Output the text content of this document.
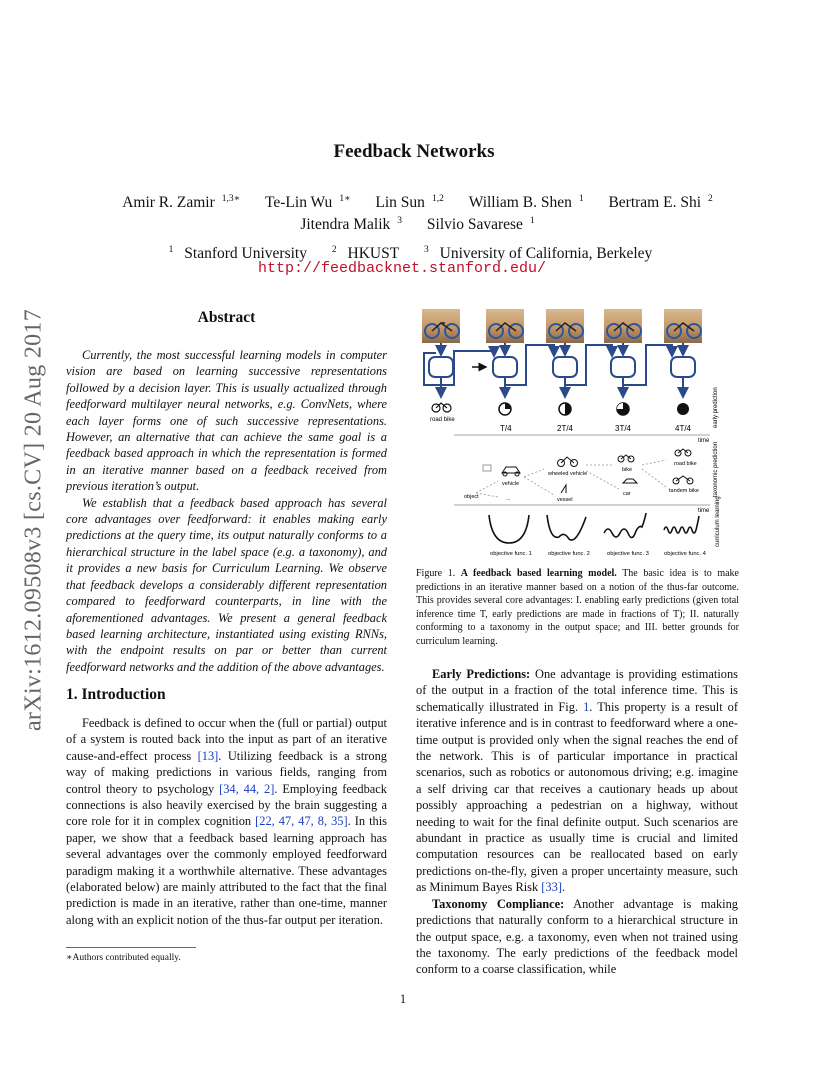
arXiv:1612.09508v3 [cs.CV] 20 Aug 2017
Feedback Networks
Amir R. Zamir $^{1,3∗}$ Te-Lin Wu $^{1∗}$ Lin Sun $^{1,2}$ William B. Shen $^1$ Bertram E. Shi $^2$
Jitendra Malik $^3$ Silvio Savarese $^1$
$^1$ Stanford University	$^2$ HKUST	$^3$ University of California, Berkeley
http://feedbacknet.stanford.edu/
Abstract

Currently, the most successful learning models in computer vision are based on learning successive representations followed by a decision layer. This is usually actualized through feedforward multilayer neural networks, e.g. ConvNets, where each layer forms one of such successive representations. However, an alternative that can achieve the same goal is a feedback based approach in which the representation is formed in an iterative manner based on a feedback received from previous iteration’s output.

We establish that a feedback based approach has several core advantages over feedforward: it enables making early predictions at the query time, its output naturally conforms to a hierarchical structure in the label space (e.g. a taxonomy), and it provides a new basis for Curriculum Learning. We observe that feedback develops a considerably different representation compared to feedforward counterparts, in line with the aforementioned advantages. We present a general feedback based learning architecture, instantiated using existing RNNs, with the endpoint results on par or better than current feedforward networks and the addition of the above advantages.

1. Introduction

Feedback is defined to occur when the (full or partial) output of a system is routed back into the input as part of an iterative cause-and-effect process [13]. Utilizing feedback is a strong way of making predictions in various fields, ranging from control theory to psychology [34, 44, 2]. Employing feedback connections is also heavily exercised by the brain suggesting a core role for it in complex cognition [22, 47, 47, 8, 35]. In this paper, we show that a feedback based learning approach has several advantages over the commonly employed feedforward paradigm making it a worthwhile alternative. These advantages (elaborated below) are mainly attributed to the fact that the final prediction is made in an iterative, rather than one-time, manner along with an explicit notion of the thus-far output per iteration.

∗Authors contributed equally.
road bike
T/4	2T/4	3T/4	4T/4
early prediction
time
object
vehicle
...
wheeled vehicle
vessel
bike
car
road bike
tandem bike taxonomic prediction
time
objective func. 1	objective func. 2	objective func. 3	objective func. 4
curriculum learning
Figure 1. A feedback based learning model. The basic idea is to make predictions in an iterative manner based on a notion of the thus-far outcome. This provides several core advantages: I. enabling early predictions (given total inference time T, early predictions are made in fractions of T); II. naturally conforming to a taxonomy in the output space; and III. better grounds for curriculum learning.

Early Predictions: One advantage is providing estimations of the output in a fraction of the total inference time. This is schematically illustrated in Fig. 1. This property is a result of iterative inference and is in contrast to feedforward where a one-time output is provided only when the signal reaches the end of the network. This is of particular importance in practical scenarios, such as robotics or autonomous driving; e.g. imagine a self driving car that receives a cautionary heads up about possibly approaching a pedestrian on a highway, without needing to wait for the final definite output. Such scenarios are abundant in practice as usually time is crucial and limited computation resources can be reallocated based on early predictions on-the-fly, given a proper uncertainty measure, such as Minimum Bayes Risk [33].

Taxonomy Compliance: Another advantage is making predictions that naturally conform to a hierarchical structure in the output space, e.g. a taxonomy, even when not trained using the taxonomy. The early predictions of the feedback model conform to a coarse classification, while

1
